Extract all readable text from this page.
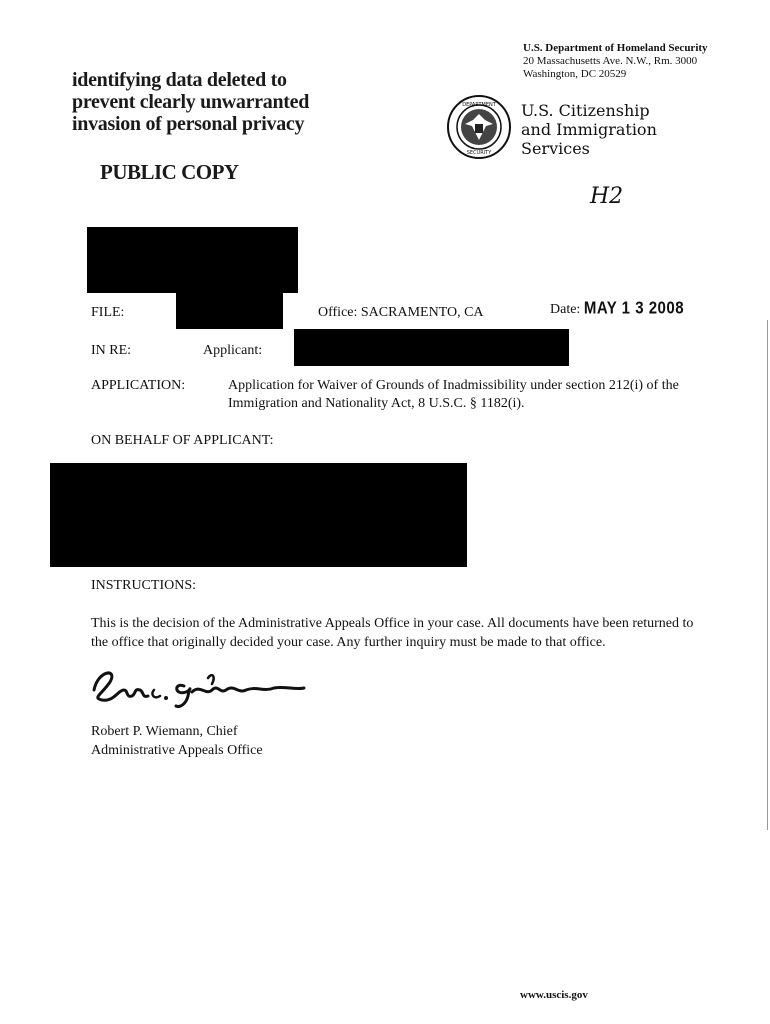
identifying data deleted to
prevent clearly unwarranted
invasion of personal privacy
PUBLIC COPY
U.S. Department of Homeland Security
20 Massachusetts Ave. N.W., Rm. 3000
Washington, DC 20529
DEPARTMENT
SECURITY
U.S. Citizenship
and Immigration
Services
H2
FILE:	Office: SACRAMENTO, CA	Date: MAY 1 3 2008
IN RE:	Applicant:
APPLICATION:	Application for Waiver of Grounds of Inadmissibility under section 212(i) of the
Immigration and Nationality Act, 8 U.S.C. § 1182(i).
ON BEHALF OF APPLICANT:
INSTRUCTIONS:
This is the decision of the Administrative Appeals Office in your case. All documents have been returned to
the office that originally decided your case. Any further inquiry must be made to that office.
Robert P. Wiemann, Chief
Administrative Appeals Office
www.uscis.gov
